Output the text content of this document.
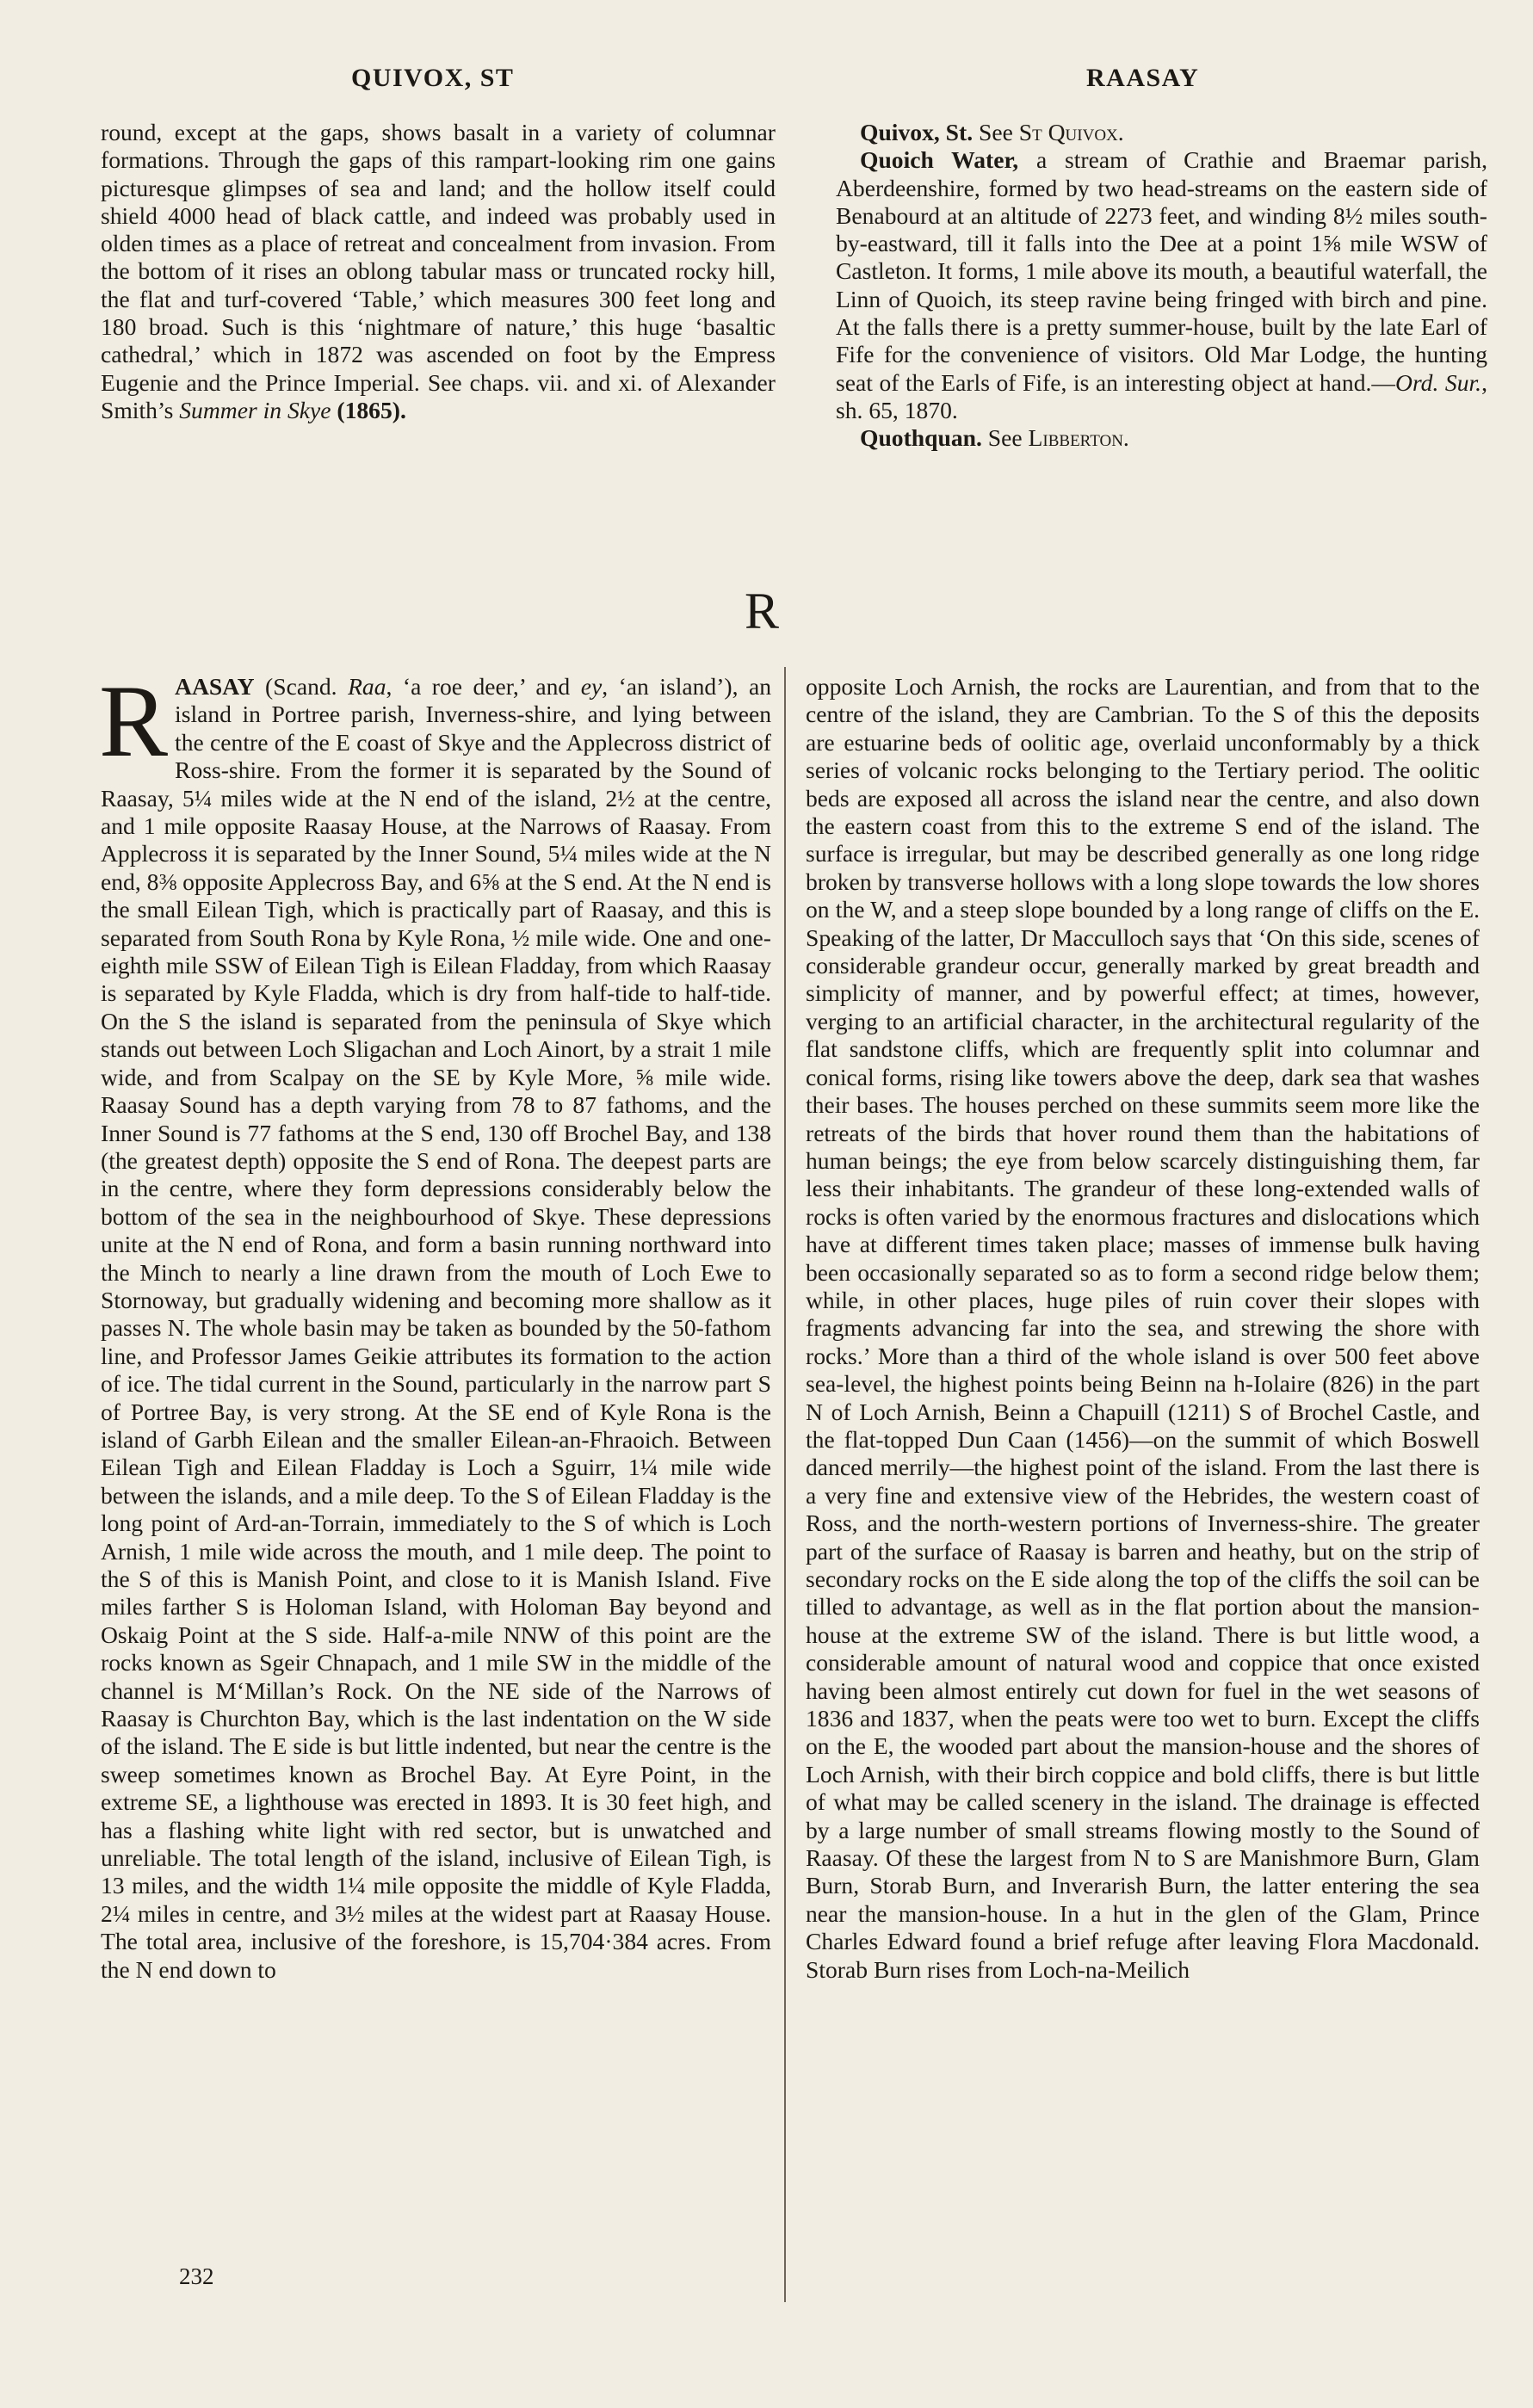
QUIVOX, ST	RAASAY

round, except at the gaps, shows basalt in a variety of columnar formations. Through the gaps of this rampart-looking rim one gains picturesque glimpses of sea and land; and the hollow itself could shield 4000 head of black cattle, and indeed was probably used in olden times as a place of retreat and concealment from invasion. From the bottom of it rises an oblong tabular mass or truncated rocky hill, the flat and turf-covered ‘Table,’ which measures 300 feet long and 180 broad. Such is this ‘nightmare of nature,’ this huge ‘basaltic cathedral,’ which in 1872 was ascended on foot by the Empress Eugenie and the Prince Imperial. See chaps. vii. and xi. of Alexander Smith’s Summer in Skye (1865).

Quivox, St. See St Quivox.

Quoich Water, a stream of Crathie and Braemar parish, Aberdeenshire, formed by two head-streams on the eastern side of Benabourd at an altitude of 2273 feet, and winding 8½ miles south-by-eastward, till it falls into the Dee at a point 1⅝ mile WSW of Castleton. It forms, 1 mile above its mouth, a beautiful waterfall, the Linn of Quoich, its steep ravine being fringed with birch and pine. At the falls there is a pretty summer-house, built by the late Earl of Fife for the convenience of visitors. Old Mar Lodge, the hunting seat of the Earls of Fife, is an interesting object at hand.—Ord. Sur., sh. 65, 1870.

Quothquan. See Libberton.

R

RAASAY (Scand. Raa, ‘a roe deer,’ and ey, ‘an island’), an island in Portree parish, Inverness-shire, and lying between the centre of the E coast of Skye and the Applecross district of Ross-shire. From the former it is separated by the Sound of Raasay, 5¼ miles wide at the N end of the island, 2½ at the centre, and 1 mile opposite Raasay House, at the Narrows of Raasay. From Applecross it is separated by the Inner Sound, 5¼ miles wide at the N end, 8⅜ opposite Applecross Bay, and 6⅝ at the S end. At the N end is the small Eilean Tigh, which is practically part of Raasay, and this is separated from South Rona by Kyle Rona, ½ mile wide. One and one-eighth mile SSW of Eilean Tigh is Eilean Fladday, from which Raasay is separated by Kyle Fladda, which is dry from half-tide to half-tide. On the S the island is separated from the peninsula of Skye which stands out between Loch Sligachan and Loch Ainort, by a strait 1 mile wide, and from Scalpay on the SE by Kyle More, ⅝ mile wide. Raasay Sound has a depth varying from 78 to 87 fathoms, and the Inner Sound is 77 fathoms at the S end, 130 off Brochel Bay, and 138 (the greatest depth) opposite the S end of Rona. The deepest parts are in the centre, where they form depressions considerably below the bottom of the sea in the neighbourhood of Skye. These depressions unite at the N end of Rona, and form a basin running northward into the Minch to nearly a line drawn from the mouth of Loch Ewe to Stornoway, but gradually widening and becoming more shallow as it passes N. The whole basin may be taken as bounded by the 50-fathom line, and Professor James Geikie attributes its formation to the action of ice. The tidal current in the Sound, particularly in the narrow part S of Portree Bay, is very strong. At the SE end of Kyle Rona is the island of Garbh Eilean and the smaller Eilean-an-Fhraoich. Between Eilean Tigh and Eilean Fladday is Loch a Sguirr, 1¼ mile wide between the islands, and a mile deep. To the S of Eilean Fladday is the long point of Ard-an-Torrain, immediately to the S of which is Loch Arnish, 1 mile wide across the mouth, and 1 mile deep. The point to the S of this is Manish Point, and close to it is Manish Island. Five miles farther S is Holoman Island, with Holoman Bay beyond and Oskaig Point at the S side. Half-a-mile NNW of this point are the rocks known as Sgeir Chnapach, and 1 mile SW in the middle of the channel is M‘Millan’s Rock. On the NE side of the Narrows of Raasay is Churchton Bay, which is the last indentation on the W side of the island. The E side is but little indented, but near the centre is the sweep sometimes known as Brochel Bay. At Eyre Point, in the extreme SE, a lighthouse was erected in 1893. It is 30 feet high, and has a flashing white light with red sector, but is unwatched and unreliable. The total length of the island, inclusive of Eilean Tigh, is 13 miles, and the width 1¼ mile opposite the middle of Kyle Fladda, 2¼ miles in centre, and 3½ miles at the widest part at Raasay House. The total area, inclusive of the foreshore, is 15,704·384 acres. From the N end down to

opposite Loch Arnish, the rocks are Laurentian, and from that to the centre of the island, they are Cambrian. To the S of this the deposits are estuarine beds of oolitic age, overlaid unconformably by a thick series of volcanic rocks belonging to the Tertiary period. The oolitic beds are exposed all across the island near the centre, and also down the eastern coast from this to the extreme S end of the island. The surface is irregular, but may be described generally as one long ridge broken by transverse hollows with a long slope towards the low shores on the W, and a steep slope bounded by a long range of cliffs on the E. Speaking of the latter, Dr Macculloch says that ‘On this side, scenes of considerable grandeur occur, generally marked by great breadth and simplicity of manner, and by powerful effect; at times, however, verging to an artificial character, in the architectural regularity of the flat sandstone cliffs, which are frequently split into columnar and conical forms, rising like towers above the deep, dark sea that washes their bases. The houses perched on these summits seem more like the retreats of the birds that hover round them than the habitations of human beings; the eye from below scarcely distinguishing them, far less their inhabitants. The grandeur of these long-extended walls of rocks is often varied by the enormous fractures and dislocations which have at different times taken place; masses of immense bulk having been occasionally separated so as to form a second ridge below them; while, in other places, huge piles of ruin cover their slopes with fragments advancing far into the sea, and strewing the shore with rocks.’ More than a third of the whole island is over 500 feet above sea-level, the highest points being Beinn na h-Iolaire (826) in the part N of Loch Arnish, Beinn a Chapuill (1211) S of Brochel Castle, and the flat-topped Dun Caan (1456)—on the summit of which Boswell danced merrily—the highest point of the island. From the last there is a very fine and extensive view of the Hebrides, the western coast of Ross, and the north-western portions of Inverness-shire. The greater part of the surface of Raasay is barren and heathy, but on the strip of secondary rocks on the E side along the top of the cliffs the soil can be tilled to advantage, as well as in the flat portion about the mansion-house at the extreme SW of the island. There is but little wood, a considerable amount of natural wood and coppice that once existed having been almost entirely cut down for fuel in the wet seasons of 1836 and 1837, when the peats were too wet to burn. Except the cliffs on the E, the wooded part about the mansion-house and the shores of Loch Arnish, with their birch coppice and bold cliffs, there is but little of what may be called scenery in the island. The drainage is effected by a large number of small streams flowing mostly to the Sound of Raasay. Of these the largest from N to S are Manishmore Burn, Glam Burn, Storab Burn, and Inverarish Burn, the latter entering the sea near the mansion-house. In a hut in the glen of the Glam, Prince Charles Edward found a brief refuge after leaving Flora Macdonald. Storab Burn rises from Loch-na-Meilich

232
